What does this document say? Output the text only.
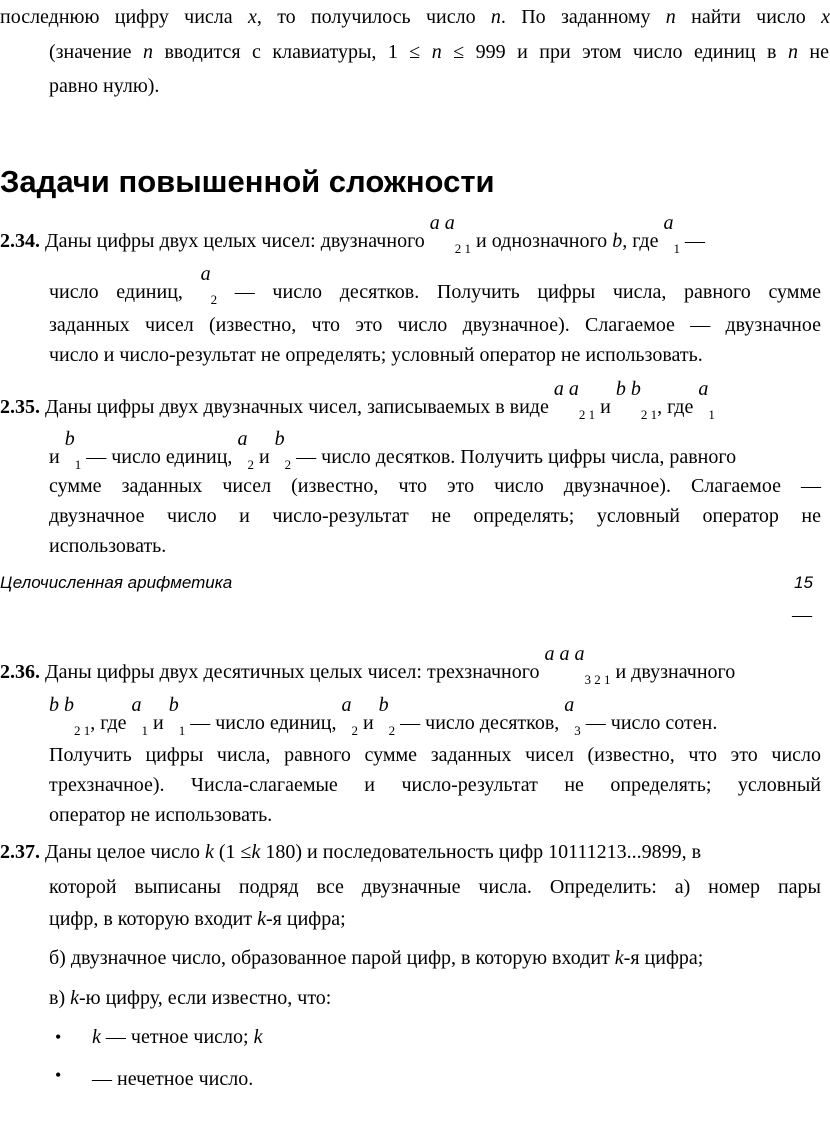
последнюю цифру числа x, то получилось число n. По заданному n найти число x
(значение n вводится с клавиатуры, 1 ≤ n ≤ 999 и при этом число единиц в n не
равно нулю).
Задачи повышенной сложности
2.34. Даны цифры двух целых чисел: двузначного a $a_{2 1}$ и однозначного b, где $a_1$ —
число единиц, $a_2$ — число десятков. Получить цифры числа, равного сумме
заданных чисел (известно, что это число двузначное). Слагаемое — двузначное
число и число-результат не определять; условный оператор не использовать.
2.35. Даны цифры двух двузначных чисел, записываемых в виде a $a_{2 1}$ и b $b_{2 1}$, где $a_1$
и $b_1$ — число единиц, $a_2$ и $b_2$ — число десятков. Получить цифры числа, равного
сумме заданных чисел (известно, что это число двузначное). Слагаемое —
двузначное число и число-результат не определять; условный оператор не
использовать.
Целочисленная арифметика	15
—
2.36. Даны цифры двух десятичных целых чисел: трехзначного a a $a_{3 2 1}$ и двузначного
b $b_{2 1}$, где $a_1$ и $b_1$ — число единиц, $a_2$ и $b_2$ — число десятков, $a_3$ — число сотен.
Получить цифры числа, равного сумме заданных чисел (известно, что это число
трехзначное). Числа-слагаемые и число-результат не определять; условный
оператор не использовать.
2.37. Даны целое число k (1 ≤k 180) и последовательность цифр 10111213...9899, в
которой выписаны подряд все двузначные числа. Определить: а) номер пары
цифр, в которую входит k-я цифра;
б) двузначное число, образованное парой цифр, в которую входит k-я цифра;
в) k-ю цифру, если известно, что:
• k — четное число; k
• — нечетное число.
